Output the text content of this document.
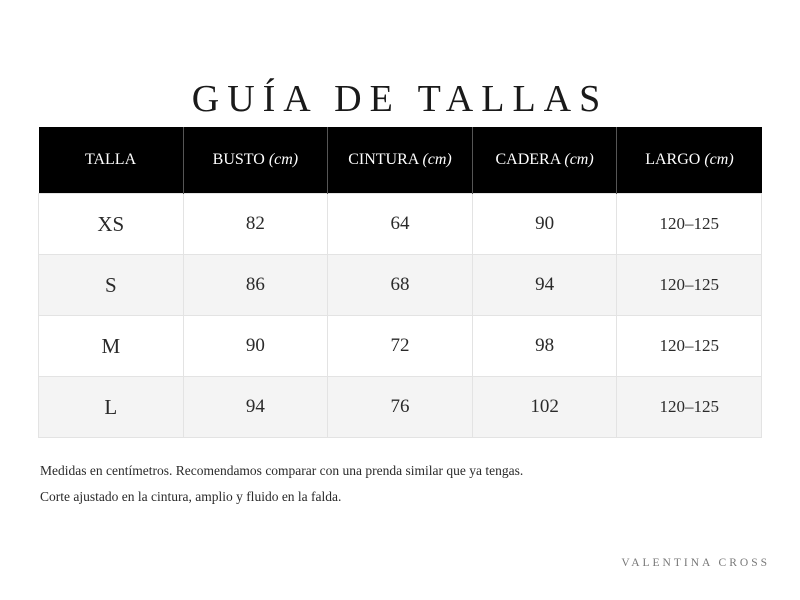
GUÍA DE TALLAS
TALLA	BUSTO (cm)	CINTURA (cm)	CADERA (cm)	LARGO (cm)
XS	82	64	90	120–125
S	86	68	94	120–125
M	90	72	98	120–125
L	94	76	102	120–125
Medidas en centímetros. Recomendamos comparar con una prenda similar que ya tengas.
Corte ajustado en la cintura, amplio y fluido en la falda.
VALENTINA CROSS
